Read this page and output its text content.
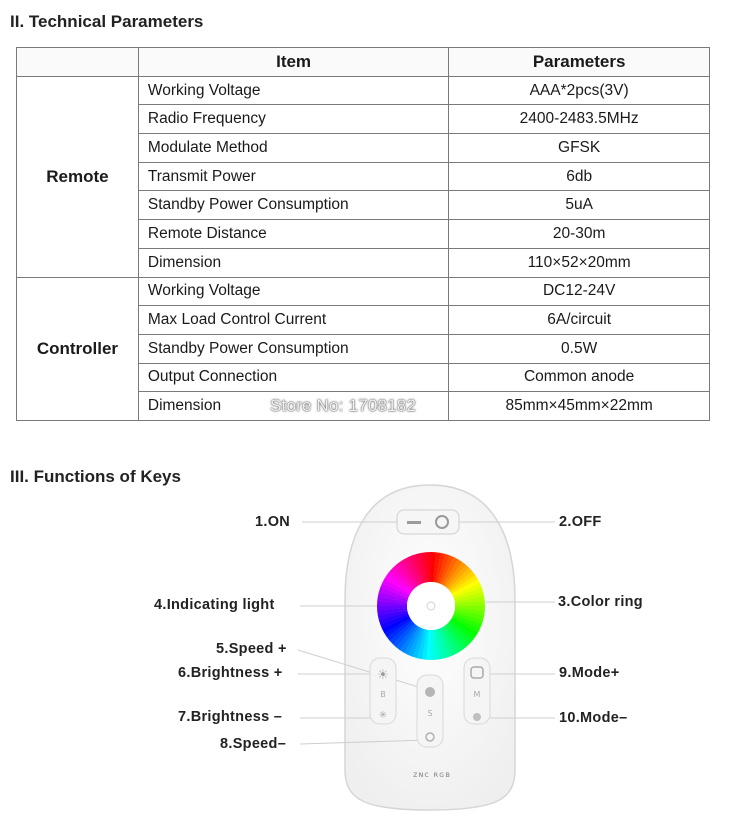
II. Technical Parameters
	Item	Parameters
Remote	Working Voltage	AAA*2pcs(3V)
	Radio Frequency	2400-2483.5MHz
	Modulate Method	GFSK
	Transmit Power	6db
	Standby Power Consumption	5uA
	Remote Distance	20-30m
	Dimension	110×52×20mm
Controller	Working Voltage	DC12-24V
	Max Load Control Current	6A/circuit
	Standby Power Consumption	0.5W
	Output Connection	Common anode
	Dimension	85mm×45mm×22mm
Store No: 1708182
III. Functions of Keys
☀
B
✳	S
M
ᴢɴᴄ ʀɢʙ
1.ON	2.OFF
3.Color ring
4.Indicating light
5.Speed +
6.Brightness +	9.Mode+
7.Brightness –	10.Mode–
8.Speed–
